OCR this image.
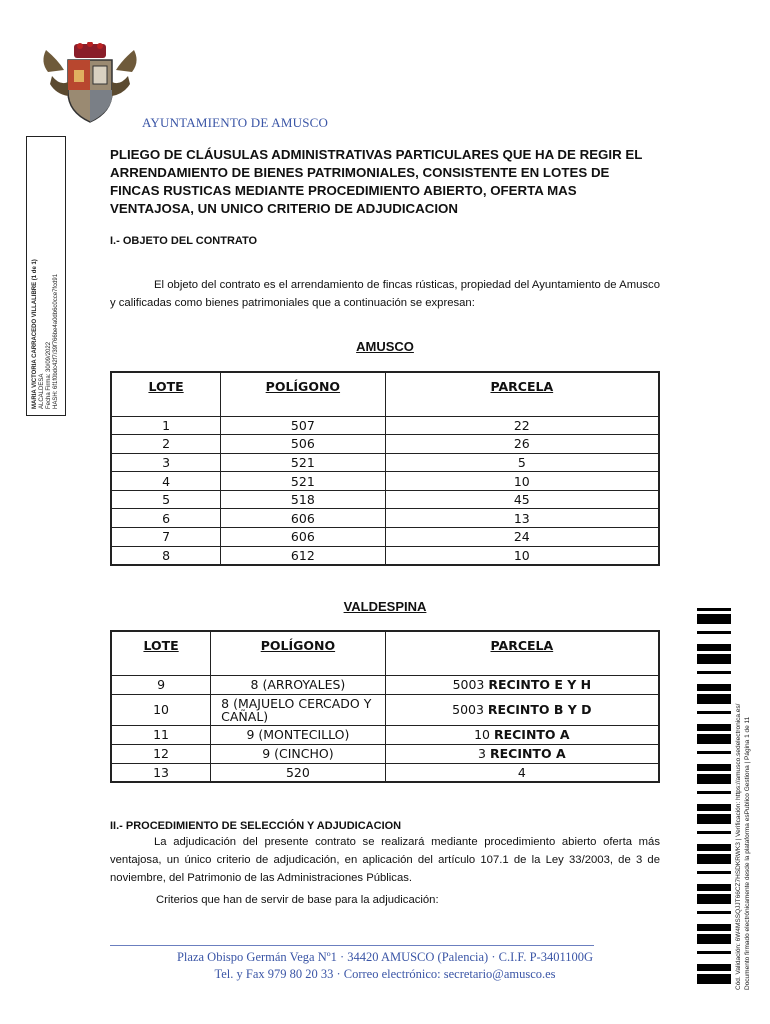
AYUNTAMIENTO DE AMUSCO
MARIA VICTORIA CARRACEDO VILLALIBRE (1 de 1) ALCALDESA Fecha Firma: 30/09/2022 HASH: 6f1f0bdc42f7/39f766be4a0db6c0cce7fcd91
PLIEGO DE CLÁUSULAS ADMINISTRATIVAS PARTICULARES QUE HA DE REGIR EL ARRENDAMIENTO DE BIENES PATRIMONIALES, CONSISTENTE EN LOTES DE FINCAS RUSTICAS MEDIANTE PROCEDIMIENTO ABIERTO, OFERTA MAS VENTAJOSA, UN UNICO CRITERIO DE ADJUDICACION
I.- OBJETO DEL CONTRATO
El objeto del contrato es el arrendamiento de fincas rústicas, propiedad del Ayuntamiento de Amusco y calificadas como bienes patrimoniales que a continuación se expresan:
AMUSCO
LOTE	POLÍGONO	PARCELA
1	507	22
2	506	26
3	521	5
4	521	10
5	518	45
6	606	13
7	606	24
8	612	10
VALDESPINA
LOTE	POLÍGONO	PARCELA
9	8 (ARROYALES)	5003 RECINTO E Y H
10	8 (MAJUELO CERCADO Y CAÑAL)	5003 RECINTO B Y D
11	9 (MONTECILLO)	10 RECINTO A
12	9 (CINCHO)	3 RECINTO A
13	520	4
II.- PROCEDIMIENTO DE SELECCIÓN Y ADJUDICACION
La adjudicación del presente contrato se realizará mediante procedimiento abierto oferta más ventajosa, un único criterio de adjudicación, en aplicación del artículo 107.1 de la Ley 33/2003, de 3 de noviembre, del Patrimonio de las Administraciones Públicas.
Criterios que han de servir de base para la adjudicación:
Plaza Obispo Germán Vega Nº1 · 34420 AMUSCO (Palencia) · C.I.F. P-3401100G
Tel. y Fax 979 80 20 33 · Correo electrónico: secretario@amusco.es	Cód. Validación: 6W4MSSQJJT66CZ7HSDKRWK3 | Verificación: https://amusco.sedelectronica.es/ Documento firmado electrónicamente desde la plataforma esPublico Gestiona | Página 1 de 11
